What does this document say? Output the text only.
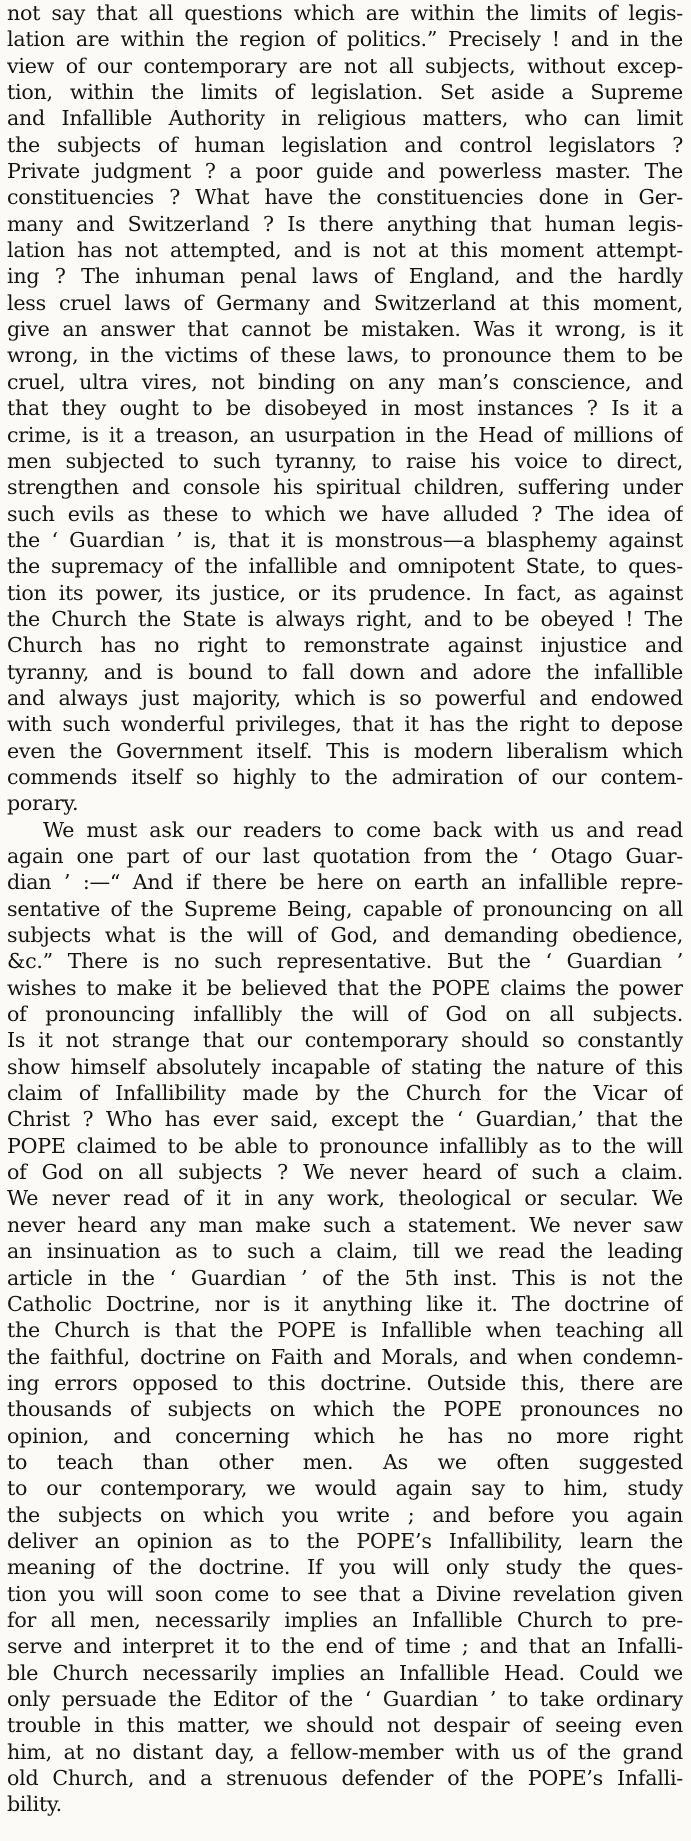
not say that all questions which are within the limits of legis-
lation are within the region of politics.” Precisely ! and in the
view of our contemporary are not all subjects, without excep-
tion, within the limits of legislation. Set aside a Supreme
and Infallible Authority in religious matters, who can limit
the subjects of human legislation and control legislators ?
Private judgment ? a poor guide and powerless master. The
constituencies ? What have the constituencies done in Ger-
many and Switzerland ? Is there anything that human legis-
lation has not attempted, and is not at this moment attempt-
ing ? The inhuman penal laws of England, and the hardly
less cruel laws of Germany and Switzerland at this moment,
give an answer that cannot be mistaken. Was it wrong, is it
wrong, in the victims of these laws, to pronounce them to be
cruel, ultra vires, not binding on any man’s conscience, and
that they ought to be disobeyed in most instances ? Is it a
crime, is it a treason, an usurpation in the Head of millions of
men subjected to such tyranny, to raise his voice to direct,
strengthen and console his spiritual children, suffering under
such evils as these to which we have alluded ? The idea of
the ‘ Guardian ’ is, that it is monstrous—a blasphemy against
the supremacy of the infallible and omnipotent State, to ques-
tion its power, its justice, or its prudence. In fact, as against
the Church the State is always right, and to be obeyed ! The
Church has no right to remonstrate against injustice and
tyranny, and is bound to fall down and adore the infallible
and always just majority, which is so powerful and endowed
with such wonderful privileges, that it has the right to depose
even the Government itself. This is modern liberalism which
commends itself so highly to the admiration of our contem-
porary.
We must ask our readers to come back with us and read
again one part of our last quotation from the ‘ Otago Guar-
dian ’ :—“ And if there be here on earth an infallible repre-
sentative of the Supreme Being, capable of pronouncing on all
subjects what is the will of God, and demanding obedience,
&c.” There is no such representative. But the ‘ Guardian ’
wishes to make it be believed that the POPE claims the power
of pronouncing infallibly the will of God on all subjects.
Is it not strange that our contemporary should so constantly
show himself absolutely incapable of stating the nature of this
claim of Infallibility made by the Church for the Vicar of
Christ ? Who has ever said, except the ‘ Guardian,’ that the
POPE claimed to be able to pronounce infallibly as to the will
of God on all subjects ? We never heard of such a claim.
We never read of it in any work, theological or secular. We
never heard any man make such a statement. We never saw
an insinuation as to such a claim, till we read the leading
article in the ‘ Guardian ’ of the 5th inst. This is not the
Catholic Doctrine, nor is it anything like it. The doctrine of
the Church is that the POPE is Infallible when teaching all
the faithful, doctrine on Faith and Morals, and when condemn-
ing errors opposed to this doctrine. Outside this, there are
thousands of subjects on which the POPE pronounces no
opinion, and concerning which he has no more right
to teach than other men. As we often suggested
to our contemporary, we would again say to him, study
the subjects on which you write ; and before you again
deliver an opinion as to the POPE’s Infallibility, learn the
meaning of the doctrine. If you will only study the ques-
tion you will soon come to see that a Divine revelation given
for all men, necessarily implies an Infallible Church to pre-
serve and interpret it to the end of time ; and that an Infalli-
ble Church necessarily implies an Infallible Head. Could we
only persuade the Editor of the ‘ Guardian ’ to take ordinary
trouble in this matter, we should not despair of seeing even
him, at no distant day, a fellow-member with us of the grand
old Church, and a strenuous defender of the POPE’s Infalli-
bility.
